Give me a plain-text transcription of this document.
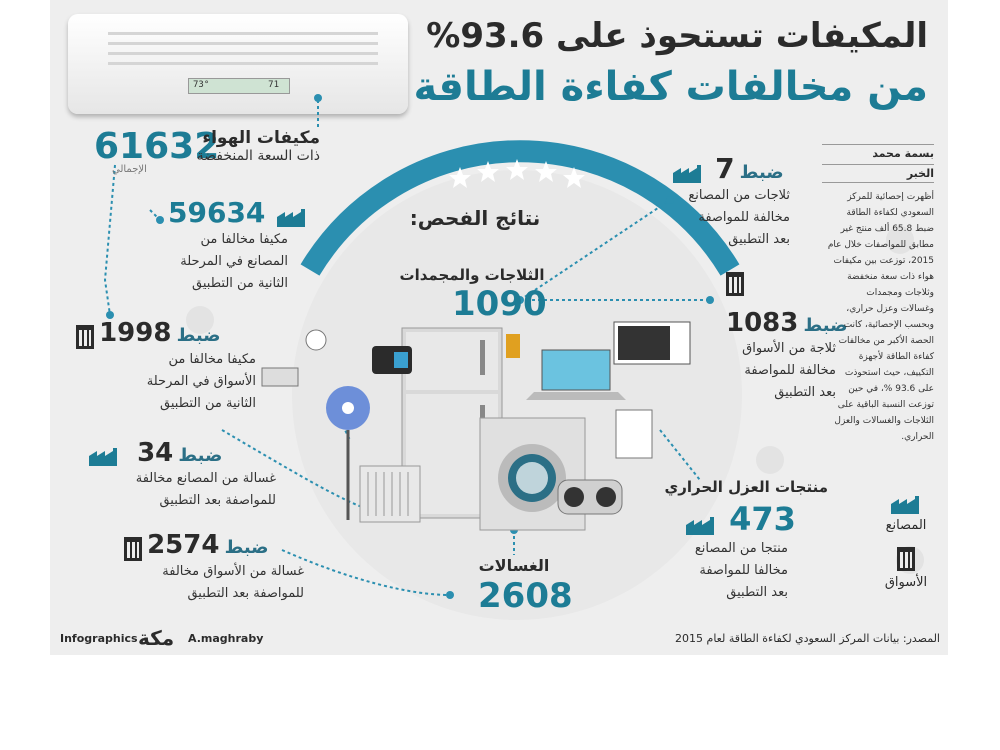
73°	71
المكيفات تستحوذ على 93.6%
من مخالفات كفاءة الطاقة
61632
الإجمالي
مكيفات الهواء
ذات السعة المنخفضة
59634
مكيفا مخالفا من
المصانع في المرحلة
الثانية من التطبيق
1998 ضبط
مكيفا مخالفا من
الأسواق في المرحلة
الثانية من التطبيق
34 ضبط
غسالة من المصانع مخالفة
للمواصفة بعد التطبيق
2574 ضبط
غسالة من الأسواق مخالفة
للمواصفة بعد التطبيق
نتائج الفحص:
الثلاجات والمجمدات
1090
الغسالات
2608
7 ضبط
ثلاجات من المصانع
مخالفة للمواصفة
بعد التطبيق
1083 ضبط
ثلاجة من الأسواق
مخالفة للمواصفة
بعد التطبيق
منتجات العزل الحراري
473
منتجا من المصانع
مخالفا للمواصفة
بعد التطبيق
بسمة محمد
الخبر
أظهرت إحصائية للمركز
السعودي لكفاءة الطاقة
ضبط 65.8 ألف منتج غير
مطابق للمواصفات خلال عام
2015، توزعت بين مكيفات
هواء ذات سعة منخفضة
وثلاجات ومجمدات
وغسالات وعزل حراري،
وبحسب الإحصائية، كانت
الحصة الأكبر من مخالفات
كفاءة الطاقة لأجهزة
التكييف، حيث استحوذت
على 93.6 %، في حين
توزعت النسبة الباقية على
الثلاجات والغسالات والعزل
الحراري.
المصانع
الأسواق
Infographics مكة A.maghraby	المصدر: بيانات المركز السعودي لكفاءة الطاقة لعام 2015
